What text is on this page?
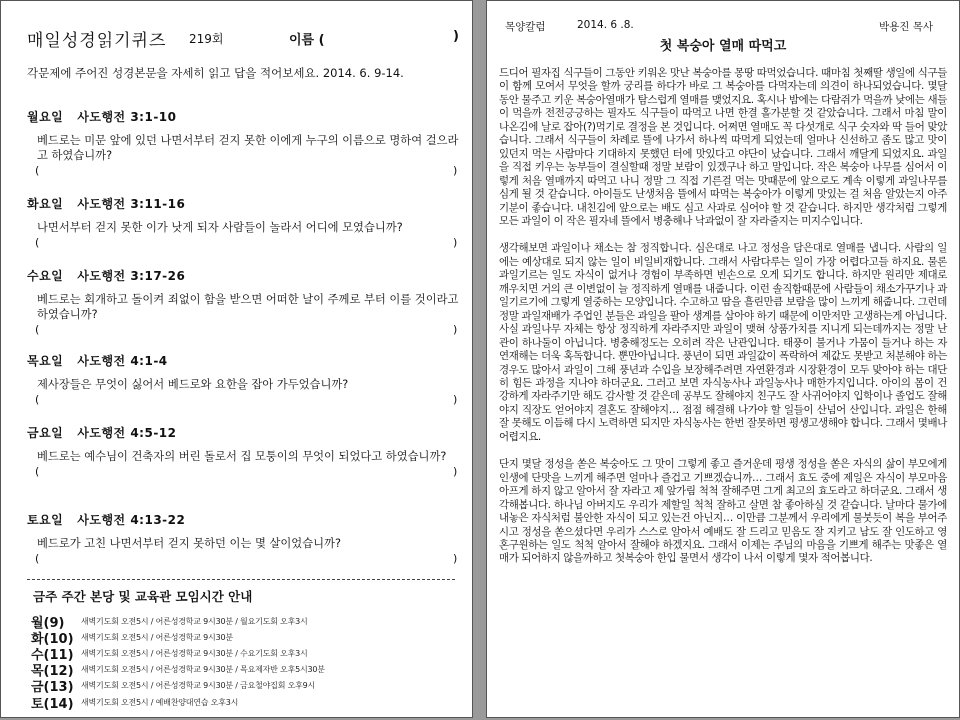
매일성경읽기퀴즈 219회	이름 (	)
각문제에 주어진 성경본문을 자세히 읽고 답을 적어보세요. 2014. 6. 9-14.
월요일 사도행전 3:1-10
베드로는 미문 앞에 있던 나면서부터 걷지 못한 이에게 누구의 이름으로 명하여 걸으라고 하였습니까?
(	)
화요일 사도행전 3:11-16
나면서부터 걷지 못한 이가 낫게 되자 사람들이 놀라서 어디에 모였습니까?
(	)
수요일 사도행전 3:17-26
베드로는 회개하고 돌이켜 죄없이 함을 받으면 어떠한 날이 주께로 부터 이를 것이라고 하였습니까?
(	)
목요일 사도행전 4:1-4
제사장들은 무엇이 싫어서 베드로와 요한을 잡아 가두었습니까?
(	)
금요일 사도행전 4:5-12
베드로는 예수님이 건축자의 버린 돌로서 집 모퉁이의 무엇이 되었다고 하였습니까?
(	)
토요일 사도행전 4:13-22
베드로가 고친 나면서부터 걷지 못하던 이는 몇 살이었습니까?
(	)
금주 주간 본당 및 교육관 모임시간 안내
월(9)	새벽기도회 오전5시 / 어른성경학교 9시30분 / 월요기도회 오후3시
화(10) 새벽기도회 오전5시 / 어른성경학교 9시30분
수(11) 새벽기도회 오전5시 / 어른성경학교 9시30분 / 수요기도회 오후3시
목(12) 새벽기도회 오전5시 / 어른성경학교 9시30분 / 목요제자반 오후5시30분
금(13) 새벽기도회 오전5시 / 어른성경학교 9시30분 / 금요철야집회 오후9시
토(14) 새벽기도회 오전5시 / 예배찬양대연습 오후3시
목양칼럼	2014. 6 .8.	박용진 목사
첫 복숭아 열매 따먹고

드디어 필자집 식구들이 그동안 키워온 맛난 복숭아를 몽땅 따먹었습니다. 때마침 첫째딸 생일에 식구들이 함께 모여서 무엇을 할까 궁리를 하다가 바로 그 복숭아를 다먹자는데 의견이 하나되었습니다. 몇달동안 물주고 키운 복숭아열매가 탐스럽게 열매를 맺었지요. 혹시나 밤에는 다람쥐가 먹을까 낮에는 새들이 먹을까 전전긍긍하는 필자도 식구들이 따먹고 나면 한결 홀가분할 것 같았습니다. 그래서 마침 말이 나온김에 날로 잡아(?)먹기로 결정을 본 것입니다. 어쩌면 열매도 꼭 다섯개로 식구 숫자와 딱 들어 맞았습니다. 그래서 식구들이 차례로 뜰에 나가서 하나씩 따먹게 되었는데 얼마나 신선하고 좀도 많고 맛이 있던지 먹는 사람마다 기대하지 못했던 터에 맛있다고 야단이 났습니다. 그래서 깨달게 되었지요. 과일을 직접 키우는 농부들이 결실할때 정말 보람이 있겠구나 하고 말입니다. 작은 복숭아 나무를 심어서 이렇게 처음 열매까지 따먹고 나니 정말 그 직접 기른걸 먹는 맛때문에 앞으로도 계속 이렇게 과일나무를 심게 될 것 같습니다. 아이들도 난생처음 뜰에서 따먹는 복숭아가 이렇게 맛있는 걸 처음 알았는지 아주 기분이 좋습니다. 내친김에 앞으로는 배도 심고 사과로 심어야 할 것 같습니다. 하지만 생각처럼 그렇게 모든 과일이 이 작은 필자네 뜰에서 병충해나 낙과없이 잘 자라줄지는 미지수입니다.

생각해보면 과일이나 채소는 참 정직합니다. 심은대로 나고 정성을 담은대로 열매를 냅니다. 사람의 일에는 예상대로 되지 않는 일이 비일비재합니다. 그래서 사람다루는 일이 가장 어렵다고들 하지요. 물론 과일기르는 일도 자식이 없거나 경험이 부족하면 빈손으로 오게 되기도 합니다. 하지만 원리만 제대로 깨우치면 거의 큰 이변없이 늘 정직하게 열매를 내줍니다. 이런 솔직함때문에 사람들이 채소가꾸기나 과일기르기에 그렇게 열중하는 모양입니다. 수고하고 땀을 흘린만큼 보람을 많이 느끼게 해줍니다. 그런데 정말 과일재배가 주업인 분들은 과일을 팔아 생계를 삼아야 하기 때문에 이만저만 고생하는게 아닙니다. 사실 과일나무 자체는 항상 정직하게 자라주지만 과일이 맺혀 상품가치를 지니게 되는데까지는 정말 난관이 하나둘이 아닙니다. 병충해정도는 오히려 작은 난관입니다. 태풍이 불거나 가뭄이 들거나 하는 자연재해는 더욱 혹독합니다. 뿐만아닙니다. 풍년이 되면 과일값이 폭락하여 제값도 못받고 처분해야 하는 경우도 많아서 과일이 그해 풍년과 수입을 보장해주려면 자연환경과 시장환경이 모두 맞아야 하는 대단히 힘든 과정을 지나야 하더군요. 그러고 보면 자식농사나 과일농사나 매한가지입니다. 아이의 몸이 건강하게 자라주기만 해도 감사할 것 같은데 공부도 잘해야지 친구도 잘 사귀어야지 입학이나 졸업도 잘해야지 직장도 얻어야지 결혼도 잘해야지… 점점 해결해 나가야 할 일들이 산넘어 산입니다. 과일은 한해 잘 못해도 이듬해 다시 노력하면 되지만 자식농사는 한번 잘못하면 평생고생해야 합니다. 그래서 몇배나 어렵지요.

단지 몇달 정성을 쏟은 복숭아도 그 맛이 그렇게 좋고 즐거운데 평생 정성을 쏟은 자식의 삶이 부모에게 인생에 단맛을 느끼게 해주면 얼마나 즐겁고 기쁘겠습니까… 그래서 효도 중에 제일은 자식이 부모마음 아프게 하지 않고 알아서 잘 자라고 제 앞가림 척척 잘해주면 그게 최고의 효도라고 하더군요. 그래서 생각해봅니다. 하나님 아버지도 우리가 제할일 척척 잘하고 살면 참 좋아하실 것 같습니다. 날마다 물가에 내놓은 자식처럼 불안한 자식이 되고 있는건 아닌지… 이만큼 그분께서 우리에게 물붓듯이 복을 부어주시고 정성을 쏟으셨다면 우리가 스스로 알아서 예배도 잘 드리고 믿음도 잘 지키고 남도 잘 인도하고 영혼구원하는 일도 척척 알아서 잘해야 하겠지요. 그래서 이제는 주님의 마음을 기쁘게 해주는 맛좋은 열매가 되어하지 않을까하고 첫복숭아 한입 물면서 생각이 나서 이렇게 몇자 적어봅니다.
